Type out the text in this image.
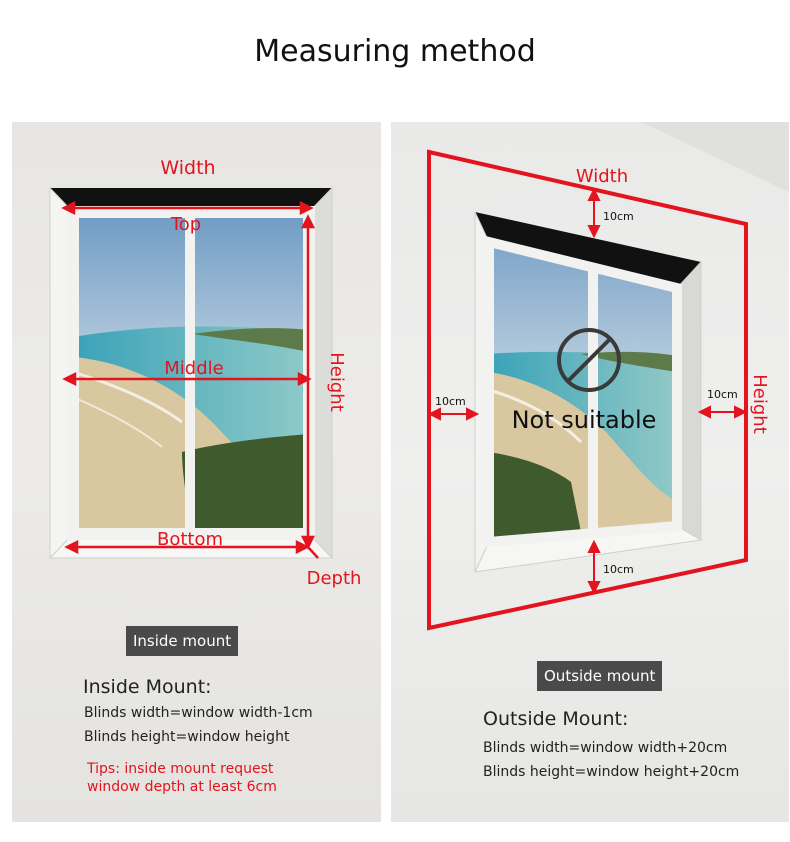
Measuring method
Width
Top
Middle
Bottom
Height
Depth
Inside mount
Inside Mount:
Blinds width=window width-1cm
Blinds height=window height
Tips: inside mount request
window depth at least 6cm
Width
Height
10cm
10cm
10cm
10cm
Not suitable
Outside mount
Outside Mount:
Blinds width=window width+20cm
Blinds height=window height+20cm
